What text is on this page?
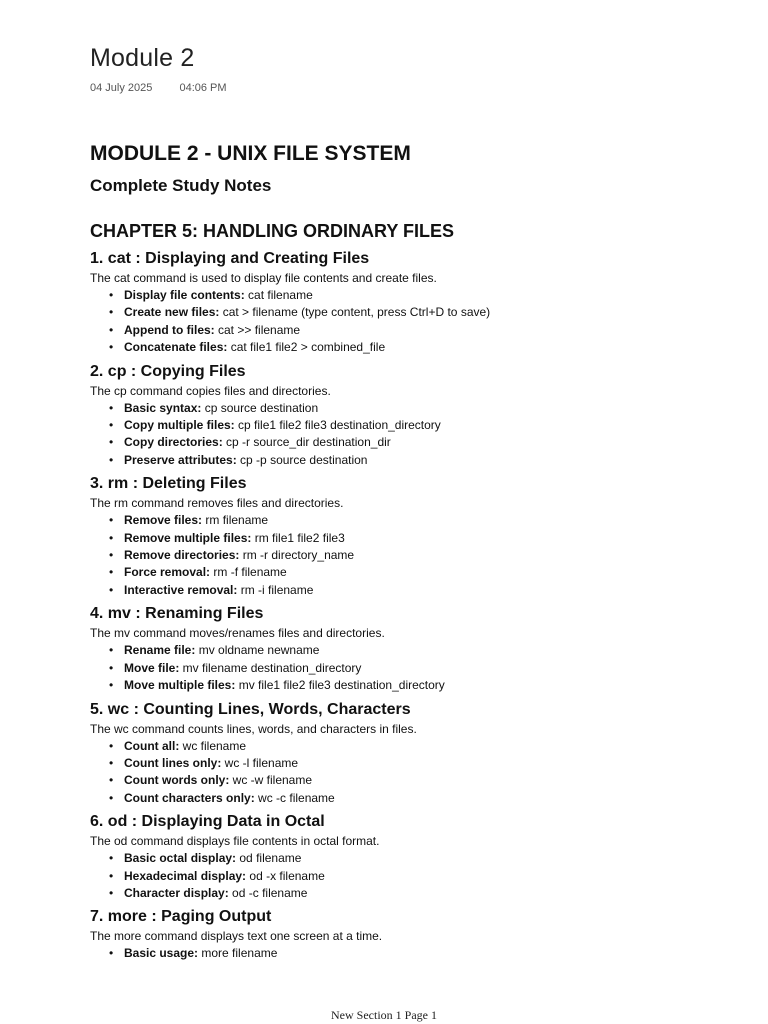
Module 2
04 July 2025 04:06 PM
MODULE 2 - UNIX FILE SYSTEM
Complete Study Notes
CHAPTER 5: HANDLING ORDINARY FILES
1. cat : Displaying and Creating Files

The cat command is used to display file contents and create files.

• Display file contents: cat filename
• Create new files: cat > filename (type content, press Ctrl+D to save)
• Append to files: cat >> filename
• Concatenate files: cat file1 file2 > combined_file
2. cp : Copying Files

The cp command copies files and directories.

• Basic syntax: cp source destination
• Copy multiple files: cp file1 file2 file3 destination_directory
• Copy directories: cp -r source_dir destination_dir
• Preserve attributes: cp -p source destination
3. rm : Deleting Files

The rm command removes files and directories.

• Remove files: rm filename
• Remove multiple files: rm file1 file2 file3
• Remove directories: rm -r directory_name
• Force removal: rm -f filename
• Interactive removal: rm -i filename
4. mv : Renaming Files

The mv command moves/renames files and directories.

• Rename file: mv oldname newname
• Move file: mv filename destination_directory
• Move multiple files: mv file1 file2 file3 destination_directory
5. wc : Counting Lines, Words, Characters

The wc command counts lines, words, and characters in files.

• Count all: wc filename
• Count lines only: wc -l filename
• Count words only: wc -w filename
• Count characters only: wc -c filename
6. od : Displaying Data in Octal

The od command displays file contents in octal format.

• Basic octal display: od filename
• Hexadecimal display: od -x filename
• Character display: od -c filename
7. more : Paging Output

The more command displays text one screen at a time.

• Basic usage: more filename
New Section 1 Page 1
